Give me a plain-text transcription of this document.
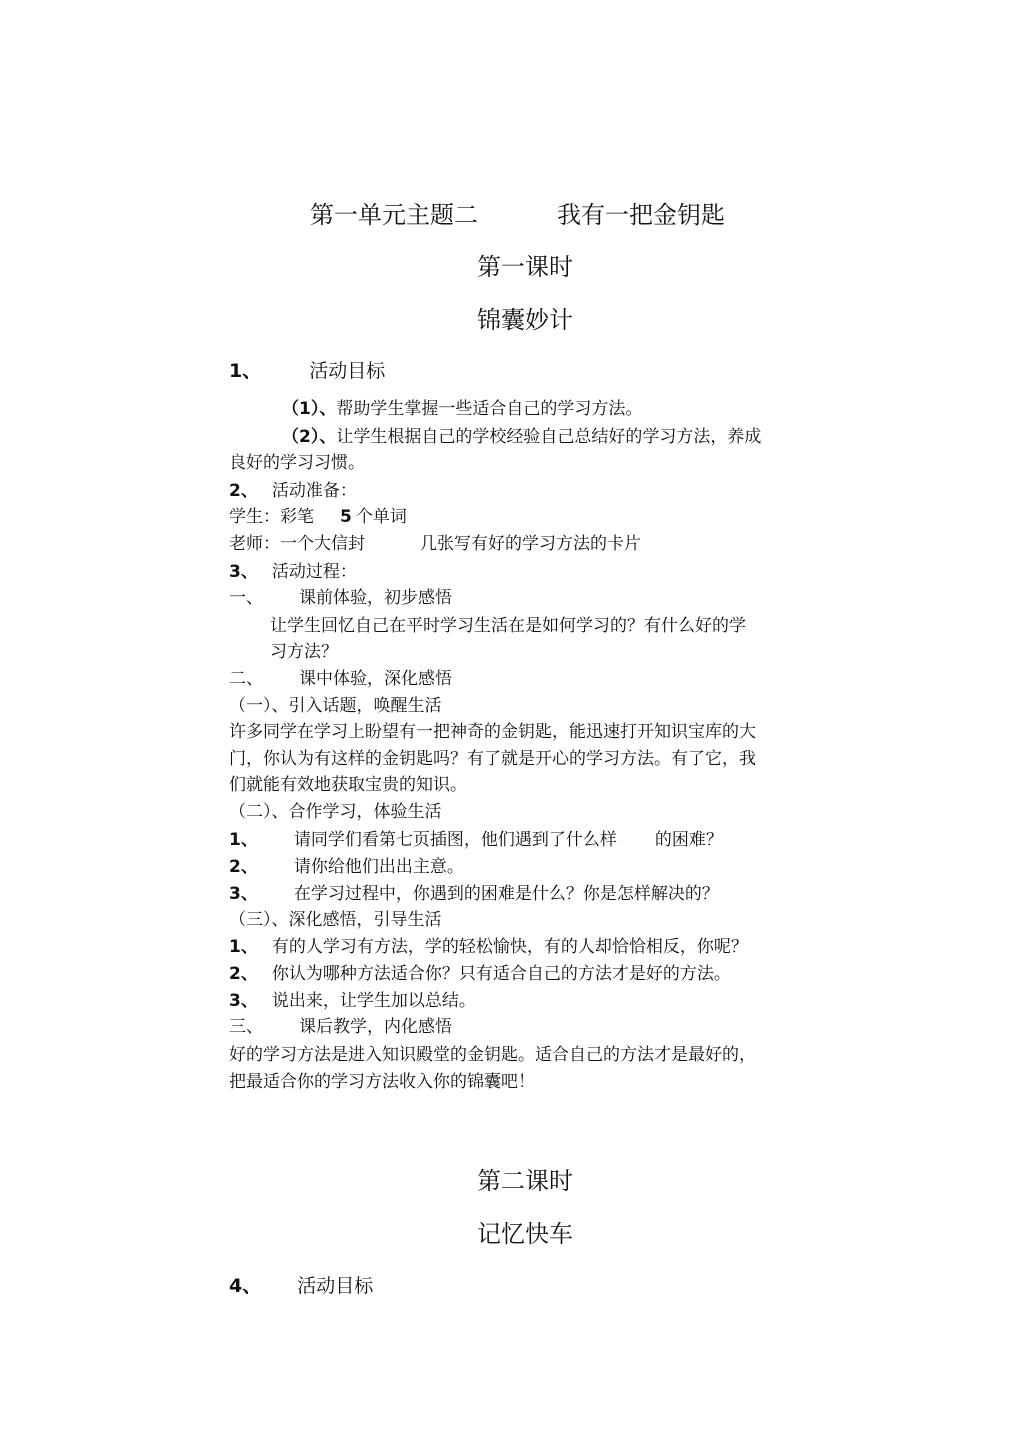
第一单元主题二	我有一把金钥匙
第一课时
锦囊妙计
1、	活动目标
（1）、帮助学生掌握一些适合自己的学习方法。
（2）、让学生根据自己的学校经验自己总结好的学习方法，养成
良好的学习习惯。
2、 活动准备：
学生：彩笔 5 个单词
老师：一个大信封	几张写有好的学习方法的卡片
3、 活动过程：
一、 课前体验，初步感悟
让学生回忆自己在平时学习生活在是如何学习的？有什么好的学
习方法？
二、 课中体验，深化感悟
（一）、引入话题，唤醒生活
许多同学在学习上盼望有一把神奇的金钥匙，能迅速打开知识宝库的大
门，你认为有这样的金钥匙吗？有了就是开心的学习方法。有了它，我
们就能有效地获取宝贵的知识。
（二）、合作学习，体验生活
1、 请同学们看第七页插图，他们遇到了什么样 的困难？
2、 请你给他们出出主意。
3、 在学习过程中，你遇到的困难是什么？你是怎样解决的？
（三）、深化感悟，引导生活
1、 有的人学习有方法，学的轻松愉快，有的人却恰恰相反，你呢？
2、 你认为哪种方法适合你？只有适合自己的方法才是好的方法。
3、 说出来，让学生加以总结。
三、 课后教学，内化感悟
好的学习方法是进入知识殿堂的金钥匙。适合自己的方法才是最好的，
把最适合你的学习方法收入你的锦囊吧！
第二课时
记忆快车
4、 活动目标
